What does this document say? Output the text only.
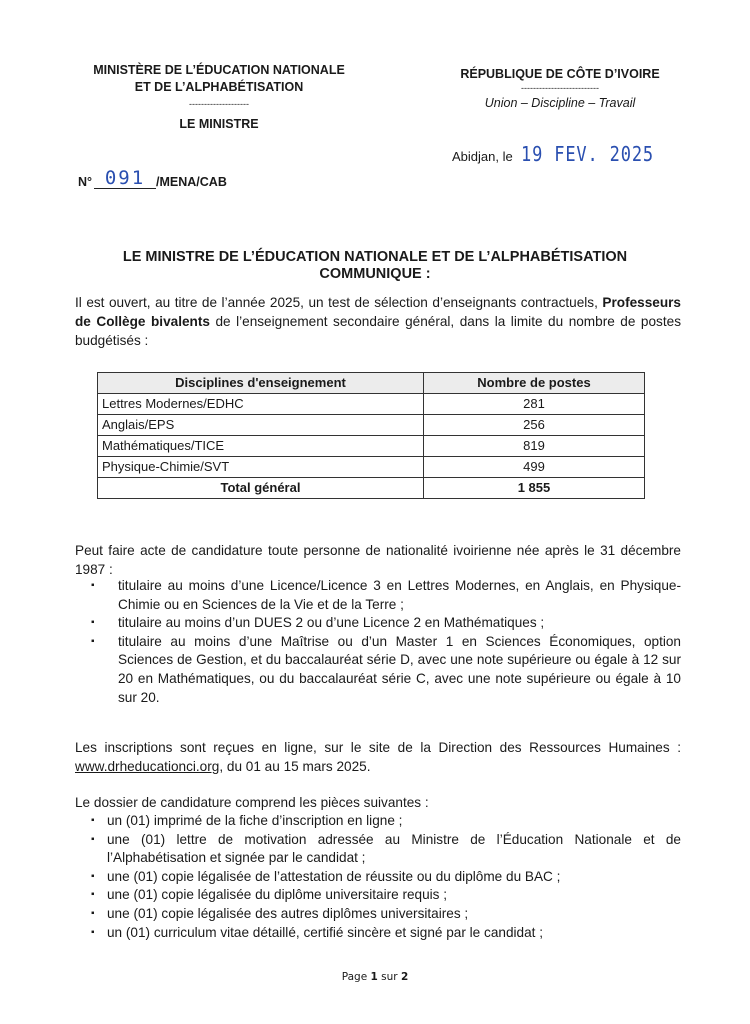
MINISTÈRE DE L’ÉDUCATION NATIONALE
ET DE L’ALPHABÉTISATION
--------------------
LE MINISTRE
RÉPUBLIQUE DE CÔTE D’IVOIRE
--------------------------
Union – Discipline – Travail
Abidjan, le 19 FEV. 2025
N° 091 /MENA/CAB
LE MINISTRE DE L’ÉDUCATION NATIONALE ET DE L’ALPHABÉTISATION
COMMUNIQUE :
Il est ouvert, au titre de l’année 2025, un test de sélection d’enseignants contractuels, Professeurs de Collège bivalents de l’enseignement secondaire général, dans la limite du nombre de postes budgétisés :
Disciplines d'enseignement	Nombre de postes
Lettres Modernes/EDHC	281
Anglais/EPS	256
Mathématiques/TICE	819
Physique-Chimie/SVT	499
Total général	1 855
Peut faire acte de candidature toute personne de nationalité ivoirienne née après le 31 décembre 1987 :
▪ titulaire au moins d’une Licence/Licence 3 en Lettres Modernes, en Anglais, en Physique-Chimie ou en Sciences de la Vie et de la Terre ;
▪ titulaire au moins d’un DUES 2 ou d’une Licence 2 en Mathématiques ;
▪ titulaire au moins d’une Maîtrise ou d’un Master 1 en Sciences Économiques, option Sciences de Gestion, et du baccalauréat série D, avec une note supérieure ou égale à 12 sur 20 en Mathématiques, ou du baccalauréat série C, avec une note supérieure ou égale à 10 sur 20.
Les inscriptions sont reçues en ligne, sur le site de la Direction des Ressources Humaines : www.drheducationci.org, du 01 au 15 mars 2025.
Le dossier de candidature comprend les pièces suivantes :
▪ un (01) imprimé de la fiche d’inscription en ligne ;
▪ une (01) lettre de motivation adressée au Ministre de l’Éducation Nationale et de l’Alphabétisation et signée par le candidat ;
▪ une (01) copie légalisée de l’attestation de réussite ou du diplôme du BAC ;
▪ une (01) copie légalisée du diplôme universitaire requis ;
▪ une (01) copie légalisée des autres diplômes universitaires ;
▪ un (01) curriculum vitae détaillé, certifié sincère et signé par le candidat ;
Page 1 sur 2
